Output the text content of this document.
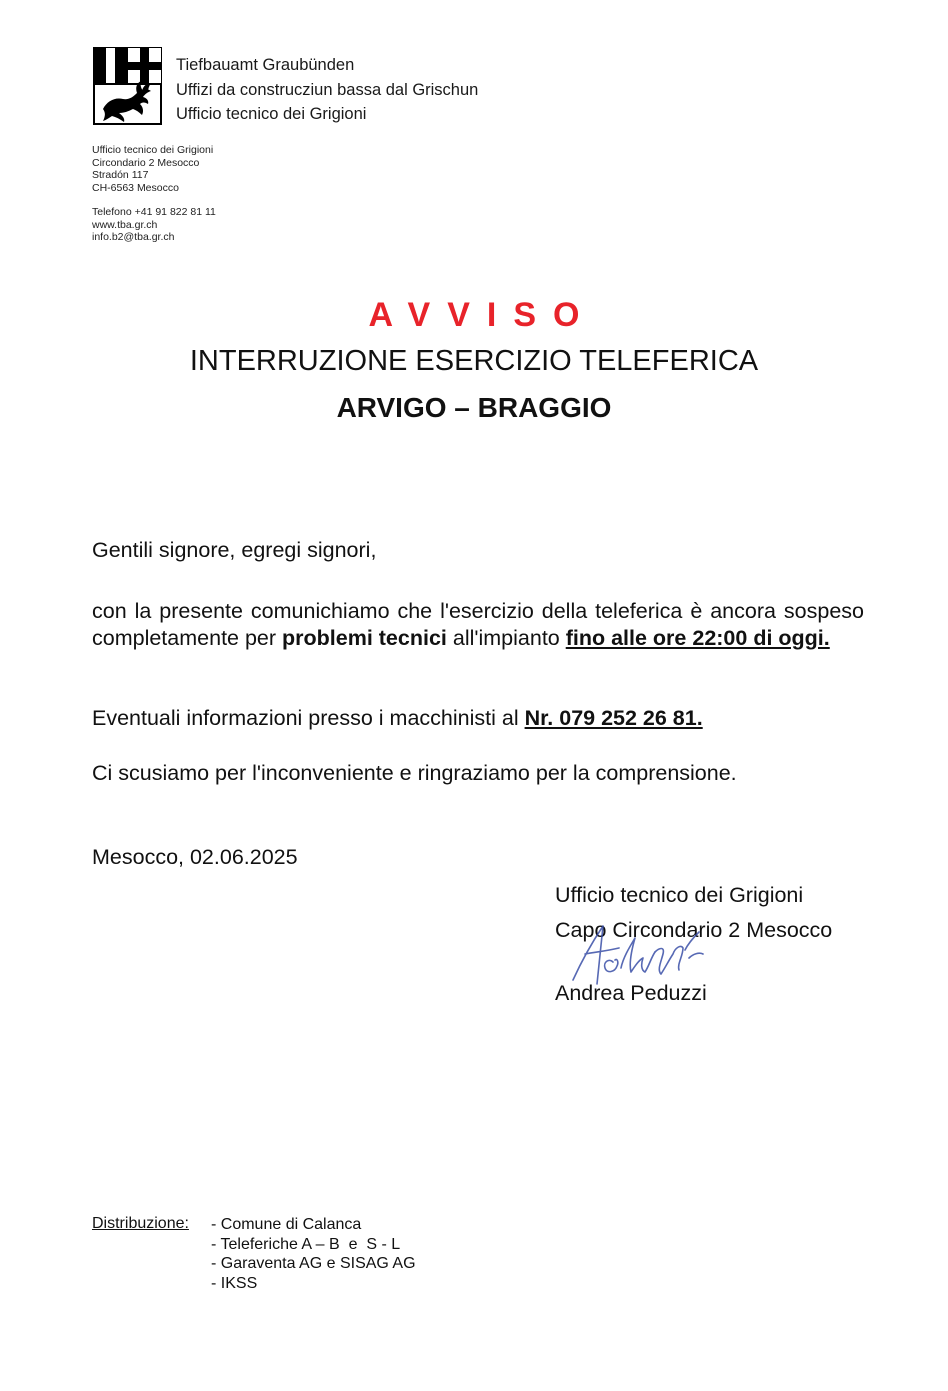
Tiefbauamt Graubünden
Uffizi da construcziun bassa dal Grischun
Ufficio tecnico dei Grigioni
Ufficio tecnico dei Grigioni
Circondario 2 Mesocco
Stradón 117
CH-6563 Mesocco
Telefono +41 91 822 81 11
www.tba.gr.ch
info.b2@tba.gr.ch
AVVISO
INTERRUZIONE ESERCIZIO TELEFERICA
ARVIGO – BRAGGIO
Gentili signore, egregi signori,
con la presente comunichiamo che l'esercizio della teleferica è ancora sospeso completamente per problemi tecnici all'impianto fino alle ore 22:00 di oggi.
Eventuali informazioni presso i macchinisti al Nr. 079 252 26 81.
Ci scusiamo per l'inconveniente e ringraziamo per la comprensione.
Mesocco, 02.06.2025
Ufficio tecnico dei Grigioni
Capo Circondario 2 Mesocco
Andrea Peduzzi
Distribuzione: - Comune di Calanca
- Teleferiche A – B  e  S - L
- Garaventa AG e SISAG AG
- IKSS
